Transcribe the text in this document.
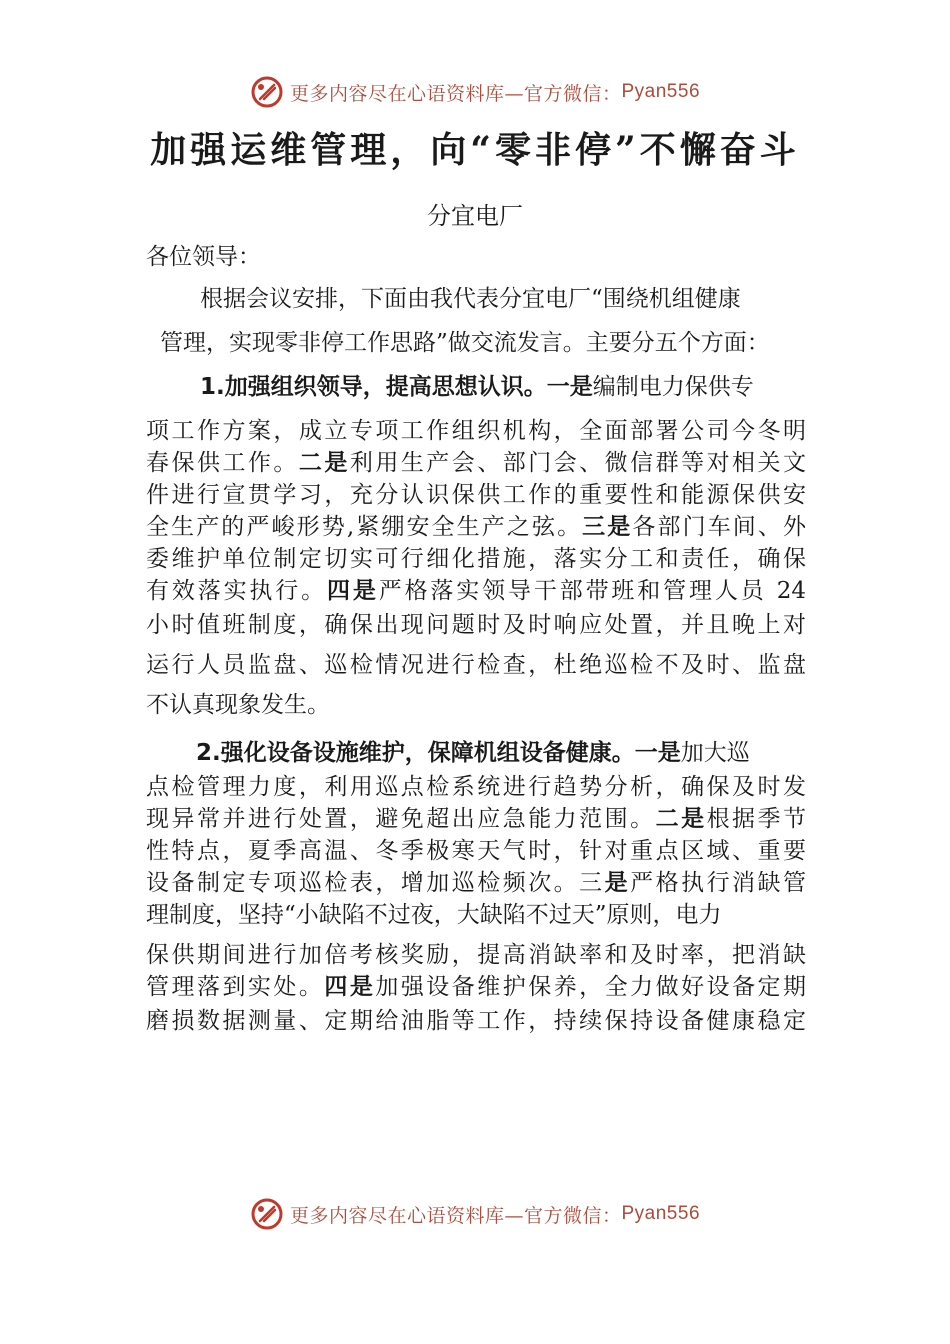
更多内容尽在心语资料库—官方微信： Pyan556
加强运维管理，向“零非停”不懈奋斗

分宜电厂

各位领导：

根据会议安排，下面由我代表分宜电厂“围绕机组健康

管理，实现零非停工作思路”做交流发言。主要分五个方面：

1.加强组织领导，提高思想认识。一是编制电力保供专

项工作方案，成立专项工作组织机构，全面部署公司今冬明

春保供工作。二是利用生产会、部门会、微信群等对相关文

件进行宣贯学习，充分认识保供工作的重要性和能源保供安

全生产的严峻形势,紧绷安全生产之弦。三是各部门车间、外

委维护单位制定切实可行细化措施，落实分工和责任，确保

有效落实执行。四是严格落实领导干部带班和管理人员 24

小时值班制度，确保出现问题时及时响应处置，并且晚上对

运行人员监盘、巡检情况进行检查，杜绝巡检不及时、监盘

不认真现象发生。

2.强化设备设施维护，保障机组设备健康。一是加大巡

点检管理力度，利用巡点检系统进行趋势分析，确保及时发

现异常并进行处置，避免超出应急能力范围。二是根据季节

性特点，夏季高温、冬季极寒天气时，针对重点区域、重要

设备制定专项巡检表，增加巡检频次。三是严格执行消缺管

理制度，坚持“小缺陷不过夜，大缺陷不过天”原则，电力

保供期间进行加倍考核奖励，提高消缺率和及时率，把消缺

管理落到实处。四是加强设备维护保养，全力做好设备定期

磨损数据测量、定期给油脂等工作，持续保持设备健康稳定

更多内容尽在心语资料库—官方微信： Pyan556
